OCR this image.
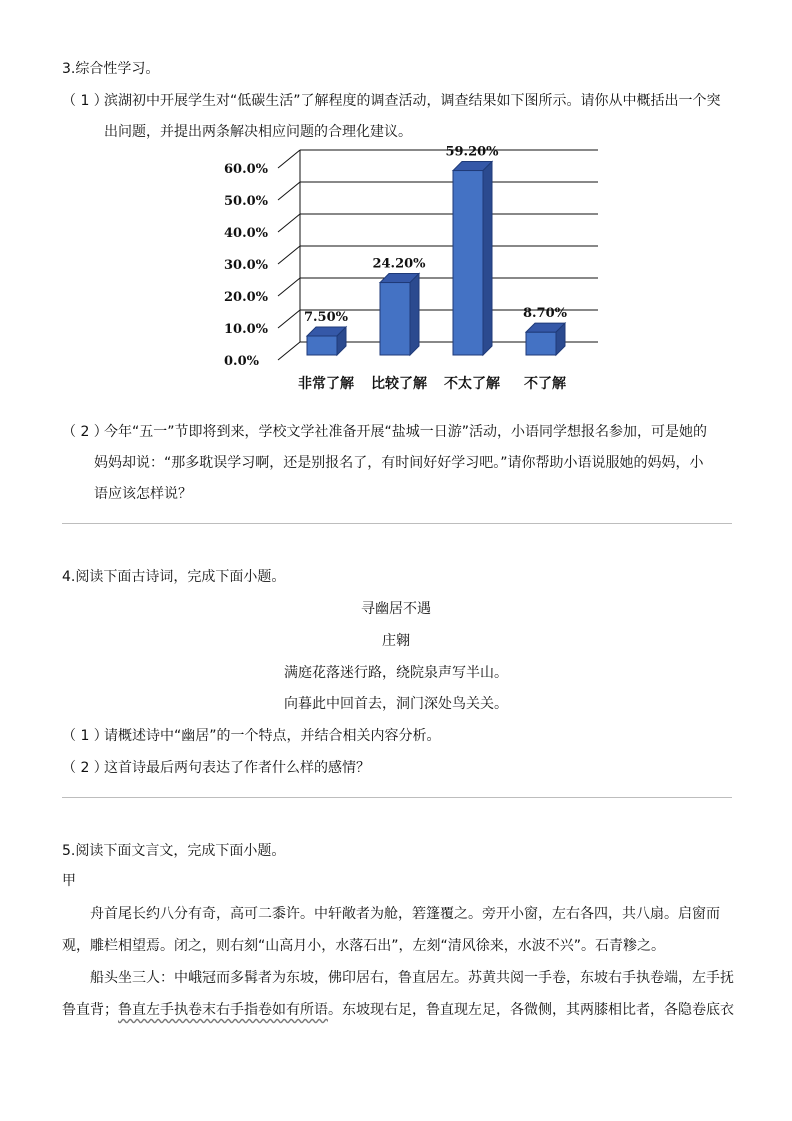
3.综合性学习。
（ 1 ）
滨湖初中开展学生对“低碳生活”了解程度的调查活动，调查结果如下图所示。请你从中概括出一个突
出问题，并提出两条解决相应问题的合理化建议。
0.0%
10.0%
20.0%
30.0%
40.0%
50.0%
60.0%
7.50%
非常了解
24.20%
比较了解
59.20%
不太了解
8.70%
不了解
（ 2 ）
今年“五一”节即将到来，学校文学社准备开展“盐城一日游”活动，小语同学想报名参加，可是她的
妈妈却说：“那多耽误学习啊，还是别报名了，有时间好好学习吧。”请你帮助小语说服她的妈妈，小
语应该怎样说？
4.阅读下面古诗词，完成下面小题。
寻幽居不遇
庄翱
满庭花落迷行路，绕院泉声写半山。
向暮此中回首去，洞门深处鸟关关。
（ 1 ）
请概述诗中“幽居”的一个特点，并结合相关内容分析。
（ 2 ）
这首诗最后两句表达了作者什么样的感情？
5.阅读下面文言文，完成下面小题。
甲
舟首尾长约八分有奇，高可二黍许。中轩敞者为舱，箬篷覆之。旁开小窗，左右各四，共八扇。启窗而
观，雕栏相望焉。闭之，则右刻“山高月小，水落石出”，左刻“清风徐来，水波不兴”。石青糁之。
船头坐三人：中峨冠而多髯者为东坡，佛印居右，鲁直居左。苏黄共阅一手卷，东坡右手执卷端，左手抚
鲁直背；鲁直左手执卷末右手指卷如有所语。东坡现右足，鲁直现左足，各微侧，其两膝相比者，各隐卷底衣
